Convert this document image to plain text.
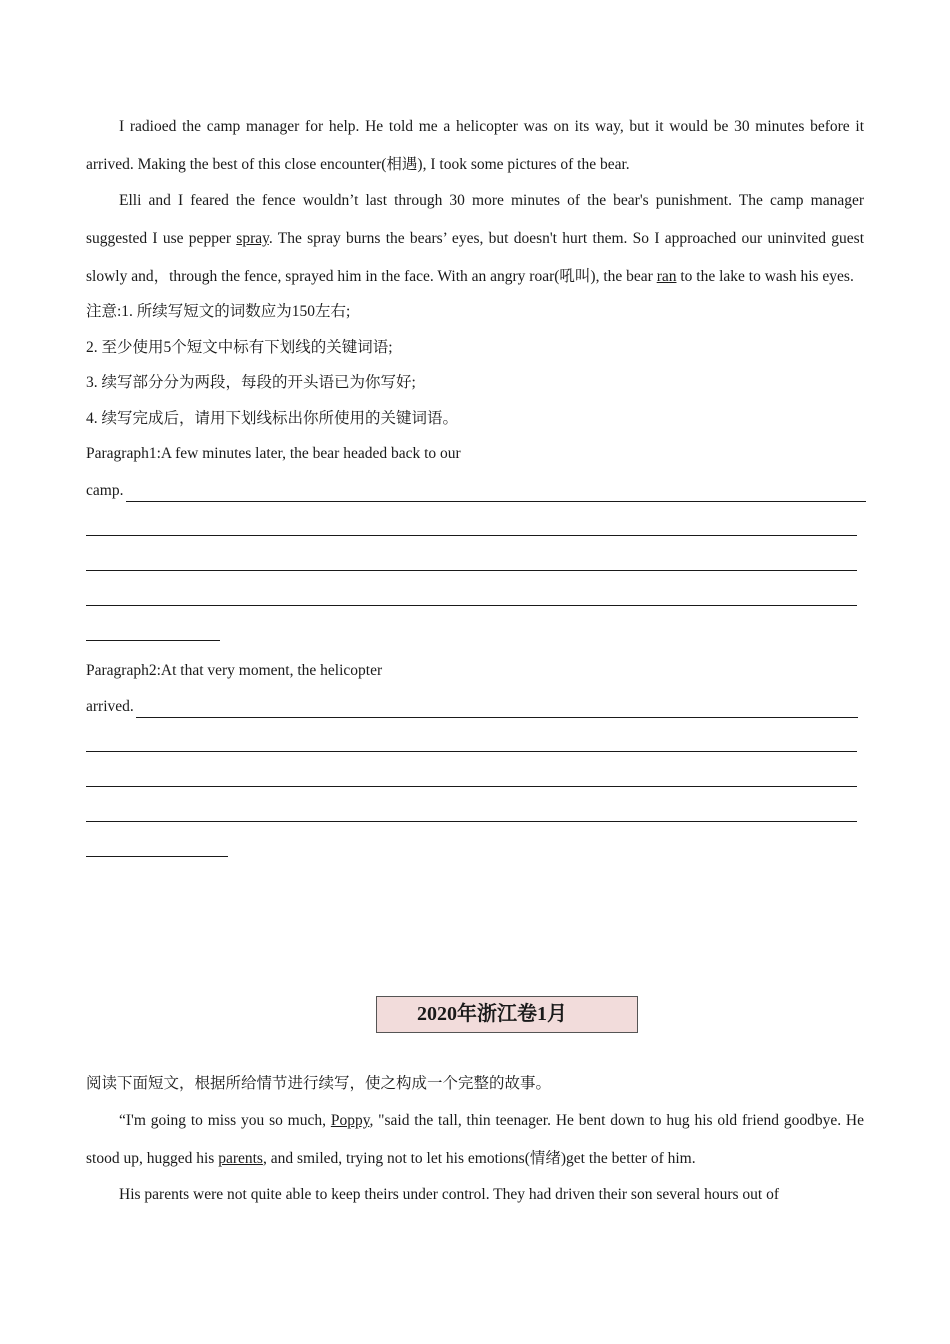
I radioed the camp manager for help. He told me a helicopter was on its way, but it would be 30 minutes before it arrived. Making the best of this close encounter(相遇), I took some pictures of the bear.

Elli and I feared the fence wouldn’t last through 30 more minutes of the bear's punishment. The camp manager suggested I use pepper spray. The spray burns the bears’ eyes, but doesn't hurt them. So I approached our uninvited guest slowly and，through the fence, sprayed him in the face. With an angry roar(吼叫), the bear ran to the lake to wash his eyes.

注意:1. 所续写短文的词数应为150左右;

2. 至少使用5个短文中标有下划线的关键词语;

3. 续写部分分为两段，每段的开头语已为你写好;

4. 续写完成后，请用下划线标出你所使用的关键词语。

Paragraph1:A few minutes later, the bear headed back to our

camp.

Paragraph2:At that very moment, the helicopter

arrived.
2020年浙江卷1月

阅读下面短文，根据所给情节进行续写，使之构成一个完整的故事。

“I'm going to miss you so much, Poppy, "said the tall, thin teenager. He bent down to hug his old friend goodbye. He stood up, hugged his parents, and smiled, trying not to let his emotions(情绪)get the better of him.

His parents were not quite able to keep theirs under control. They had driven their son several hours out of
